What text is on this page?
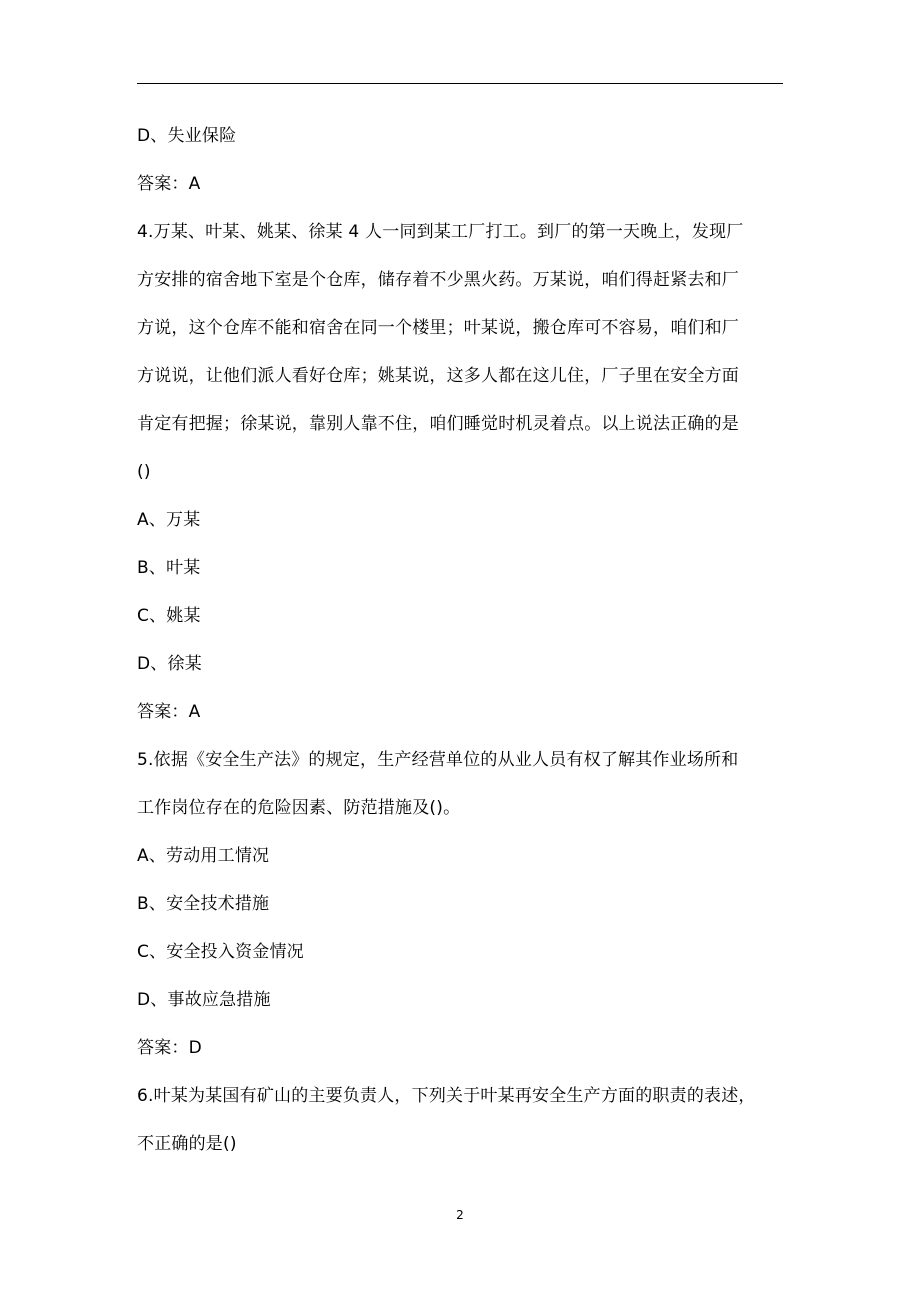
D、失业保险
答案：A
4.万某、叶某、姚某、徐某 4 人一同到某工厂打工。到厂的第一天晚上，发现厂
方安排的宿舍地下室是个仓库，储存着不少黑火药。万某说，咱们得赶紧去和厂
方说，这个仓库不能和宿舍在同一个楼里；叶某说，搬仓库可不容易，咱们和厂
方说说，让他们派人看好仓库；姚某说，这多人都在这儿住，厂子里在安全方面
肯定有把握；徐某说，靠别人靠不住，咱们睡觉时机灵着点。以上说法正确的是
()
A、万某
B、叶某
C、姚某
D、徐某
答案：A
5.依据《安全生产法》的规定，生产经营单位的从业人员有权了解其作业场所和
工作岗位存在的危险因素、防范措施及()。
A、劳动用工情况
B、安全技术措施
C、安全投入资金情况
D、事故应急措施
答案：D
6.叶某为某国有矿山的主要负责人，下列关于叶某再安全生产方面的职责的表述，
不正确的是()
2
